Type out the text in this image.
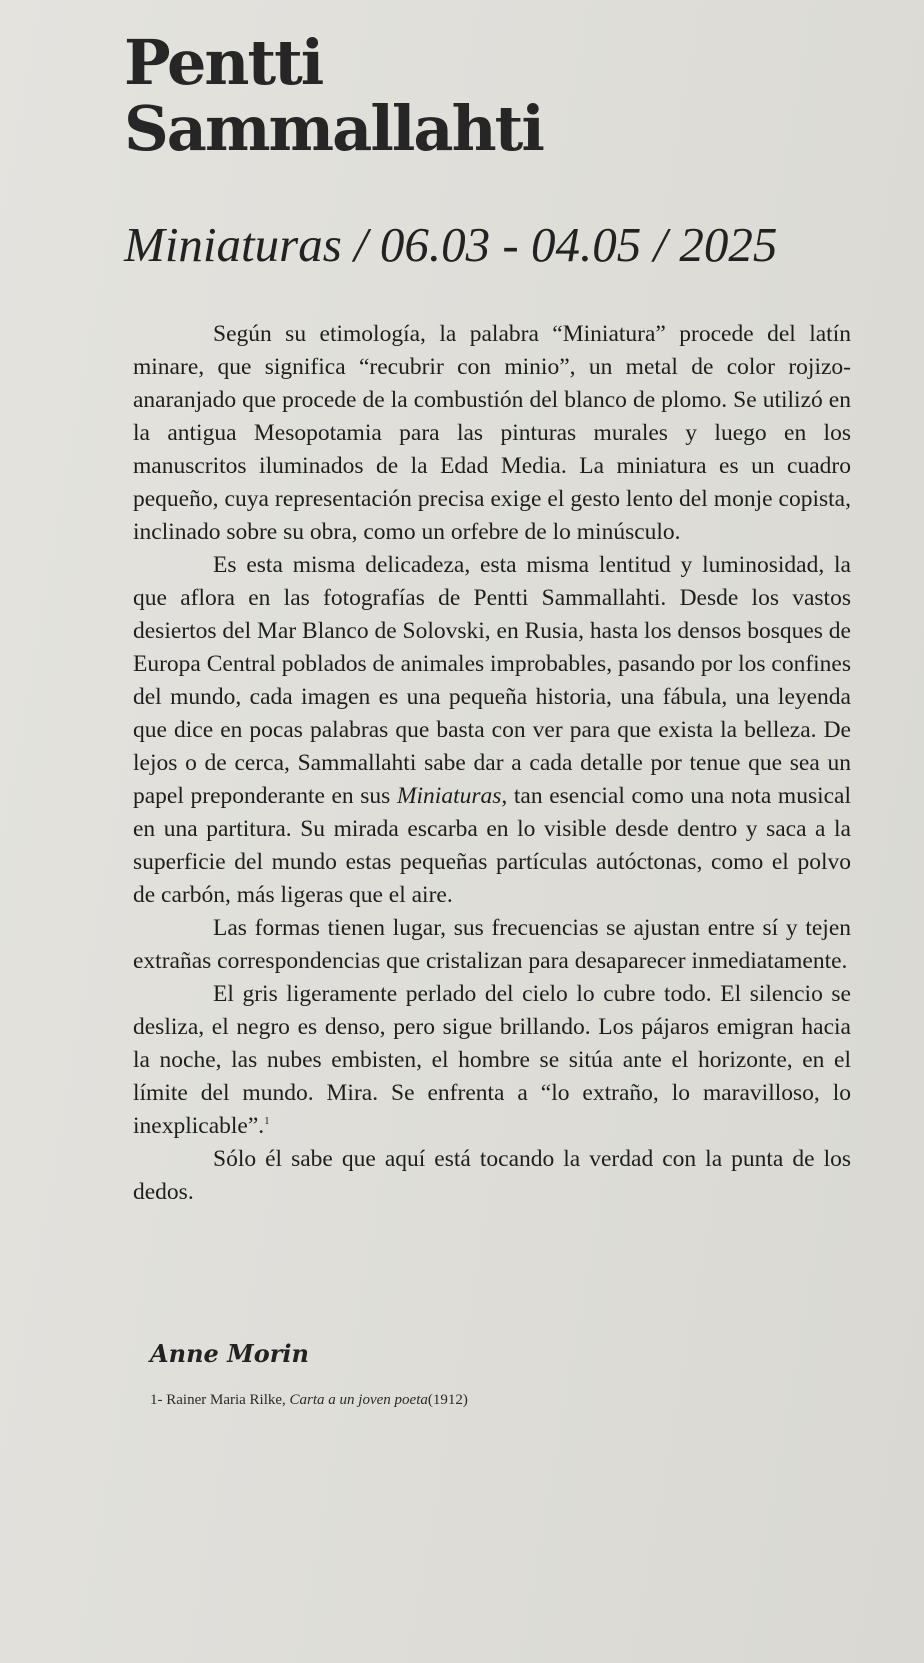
Pentti
Sammallahti
Miniaturas / 06.03 - 04.05 / 2025

Según su etimología, la palabra “Miniatura” procede del latín minare, que significa “recubrir con minio”, un metal de color rojizo-anaranjado que procede de la combustión del blanco de plomo. Se utilizó en la antigua Mesopotamia para las pinturas murales y luego en los manuscritos iluminados de la Edad Media. La miniatura es un cuadro pequeño, cuya representación precisa exige el gesto lento del monje copista, inclinado sobre su obra, como un orfebre de lo minúsculo.

Es esta misma delicadeza, esta misma lentitud y luminosidad, la que aflora en las fotografías de Pentti Sammallahti. Desde los vastos desiertos del Mar Blanco de Solovski, en Rusia, hasta los densos bosques de Europa Central poblados de animales improbables, pasando por los confines del mundo, cada imagen es una pequeña historia, una fábula, una leyenda que dice en pocas palabras que basta con ver para que exista la belleza. De lejos o de cerca, Sammallahti sabe dar a cada detalle por tenue que sea un papel preponderante en sus Miniaturas, tan esencial como una nota musical en una partitura. Su mirada escarba en lo visible desde dentro y saca a la superficie del mundo estas pequeñas partículas autóctonas, como el polvo de carbón, más ligeras que el aire.

Las formas tienen lugar, sus frecuencias se ajustan entre sí y tejen extrañas correspondencias que cristalizan para desaparecer inmediatamente.

El gris ligeramente perlado del cielo lo cubre todo. El silencio se desliza, el negro es denso, pero sigue brillando. Los pájaros emigran hacia la noche, las nubes embisten, el hombre se sitúa ante el horizonte, en el límite del mundo. Mira. Se enfrenta a “lo extraño, lo maravilloso, lo inexplicable”.$^1$

Sólo él sabe que aquí está tocando la verdad con la punta de los dedos.

Anne Morin
1- Rainer Maria Rilke, Carta a un joven poeta(1912)
